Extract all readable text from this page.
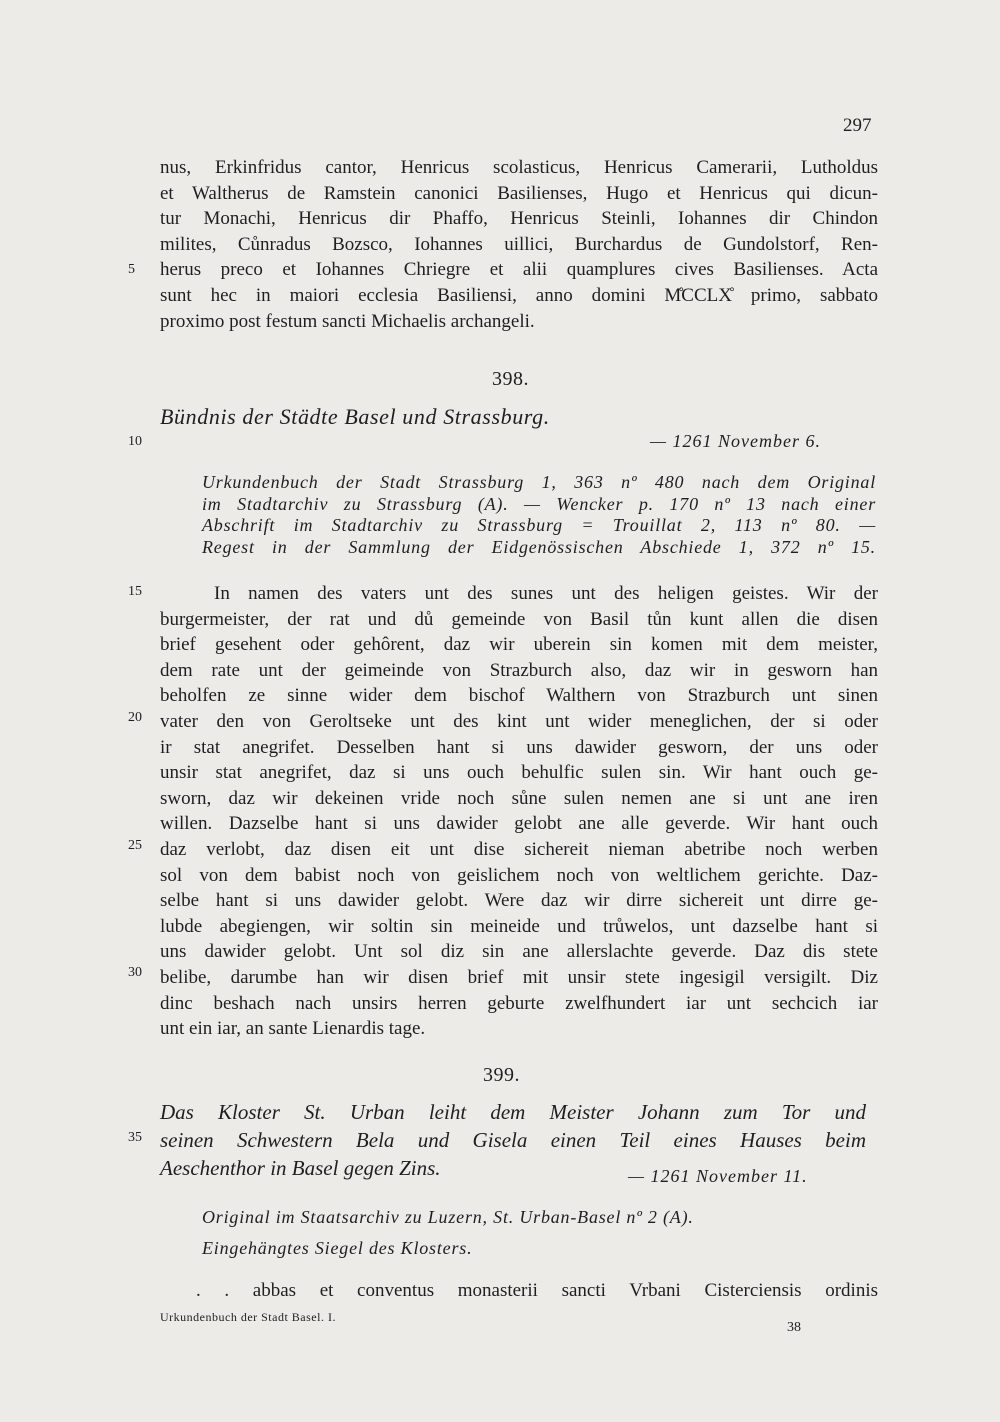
297
nus, Erkinfridus cantor, Henricus scolasticus, Henricus Camerarii, Lutholdus
et Waltherus de Ramstein canonici Basilienses, Hugo et Henricus qui dicun-
tur Monachi, Henricus dir Phaffo, Henricus Steinli, Iohannes dir Chindon
milites, Cůnradus Bozsco, Iohannes uillici, Burchardus de Gundolstorf, Ren-
herus preco et Iohannes Chriegre et alii quamplures cives Basilienses. Acta
sunt hec in maiori ecclesia Basiliensi, anno domini M̊CCLX̊ primo, sabbato
proximo post festum sancti Michaelis archangeli.
398.
Bündnis der Städte Basel und Strassburg.
— 1261 November 6.
Urkundenbuch der Stadt Strassburg 1, 363 nº 480 nach dem Original
im Stadtarchiv zu Strassburg (A). — Wencker p. 170 nº 13 nach einer
Abschrift im Stadtarchiv zu Strassburg = Trouillat 2, 113 nº 80. —
Regest in der Sammlung der Eidgenössischen Abschiede 1, 372 nº 15.
In namen des vaters unt des sunes unt des heligen geistes. Wir der
burgermeister, der rat und dů gemeinde von Basil tůn kunt allen die disen
brief gesehent oder gehôrent, daz wir uberein sin komen mit dem meister,
dem rate unt der geimeinde von Strazburch also, daz wir in gesworn han
beholfen ze sinne wider dem bischof Walthern von Strazburch unt sinen
vater den von Geroltseke unt des kint unt wider meneglichen, der si oder
ir stat anegrifet. Desselben hant si uns dawider gesworn, der uns oder
unsir stat anegrifet, daz si uns ouch behulfic sulen sin. Wir hant ouch ge-
sworn, daz wir dekeinen vride noch sůne sulen nemen ane si unt ane iren
willen. Dazselbe hant si uns dawider gelobt ane alle geverde. Wir hant ouch
daz verlobt, daz disen eit unt dise sichereit nieman abetribe noch werben
sol von dem babist noch von geislichem noch von weltlichem gerichte. Daz-
selbe hant si uns dawider gelobt. Were daz wir dirre sichereit unt dirre ge-
lubde abegiengen, wir soltin sin meineide und trůwelos, unt dazselbe hant si
uns dawider gelobt. Unt sol diz sin ane allerslachte geverde. Daz dis stete
belibe, darumbe han wir disen brief mit unsir stete ingesigil versigilt. Diz
dinc beshach nach unsirs herren geburte zwelfhundert iar unt sechcich iar
unt ein iar, an sante Lienardis tage.
399.
Das Kloster St. Urban leiht dem Meister Johann zum Tor und
seinen Schwestern Bela und Gisela einen Teil eines Hauses beim
Aeschenthor in Basel gegen Zins.	— 1261 November 11.
Original im Staatsarchiv zu Luzern, St. Urban-Basel nº 2 (A).
Eingehängtes Siegel des Klosters.
. . abbas et conventus monasterii sancti Vrbani Cisterciensis ordinis
5
10
15
20
25
30
35
Urkundenbuch der Stadt Basel. I.
38
